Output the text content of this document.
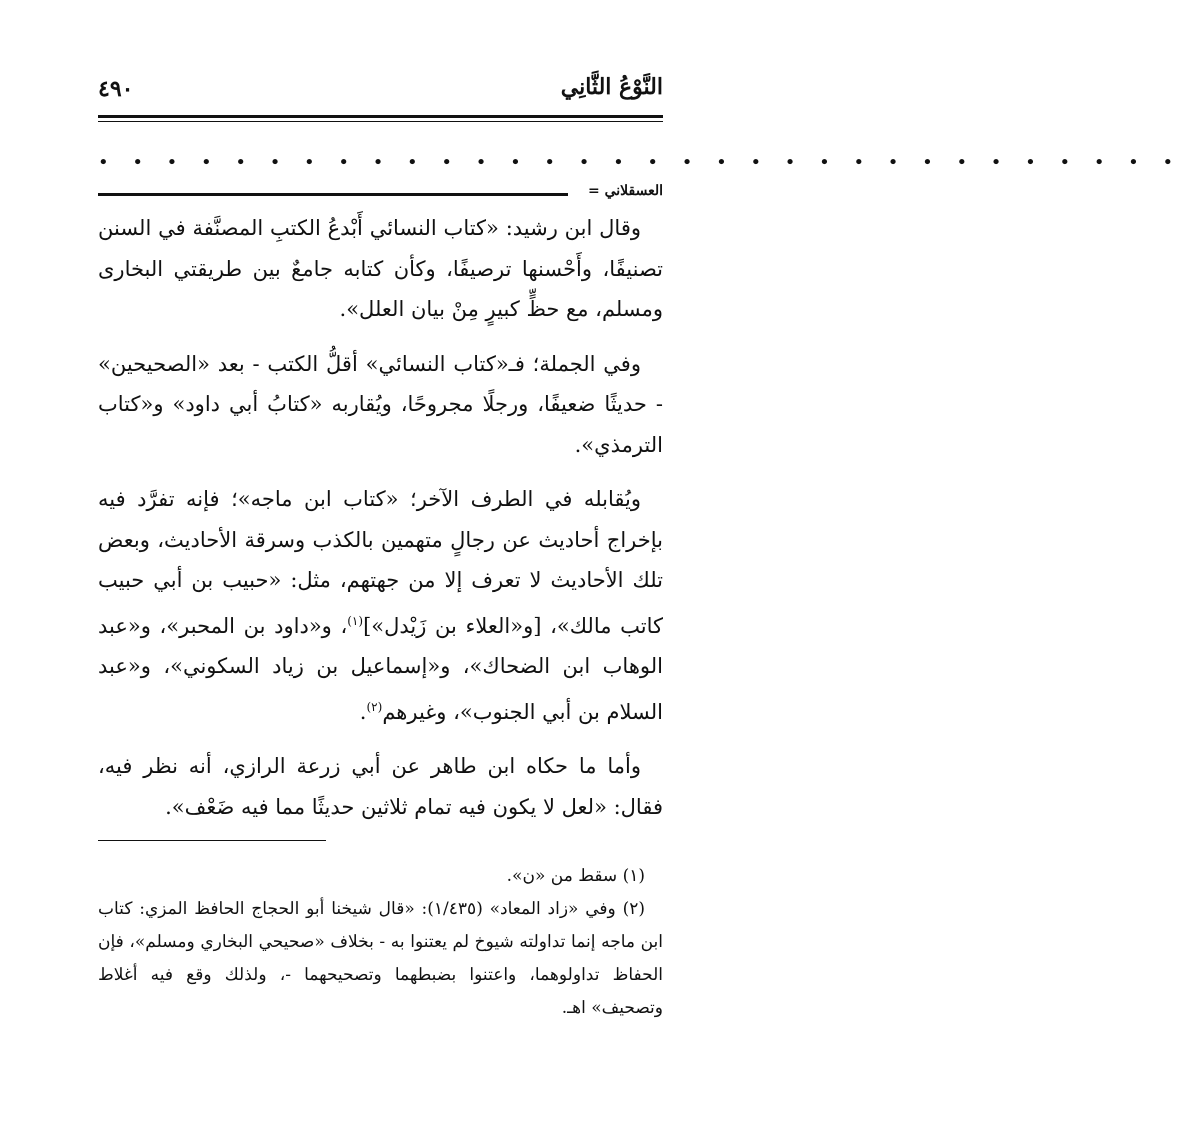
النَّوْعُ الثَّانِي
٤٩٠
• • • • • • • • • • • • • • • • • • • • • • • • • • • • • • • •
العسقلاني =

وقال ابن رشيد: «كتاب النسائي أَبْدعُ الكتبِ المصنَّفة في السنن تصنيفًا، وأَحْسنها ترصيفًا، وكأن كتابه جامعٌ بين طريقتي البخارى ومسلم، مع حظٍّ كبيرٍ مِنْ بيان العلل».

وفي الجملة؛ فـ«كتاب النسائي» أقلُّ الكتب - بعد «الصحيحين» - حديثًا ضعيفًا، ورجلًا مجروحًا، ويُقاربه «كتابُ أبي داود» و«كتاب الترمذي».

ويُقابله في الطرف الآخر؛ «كتاب ابن ماجه»؛ فإنه تفرَّد فيه بإخراج أحاديث عن رجالٍ متهمين بالكذب وسرقة الأحاديث، وبعض تلك الأحاديث لا تعرف إلا من جهتهم، مثل: «حبيب بن أبي حبيب كاتب مالك»، [و«العلاء بن زَيْدل»]$^{(١)}$، و«داود بن المحبر»، و«عبد الوهاب ابن الضحاك»، و«إسماعيل بن زياد السكوني»، و«عبد السلام بن أبي الجنوب»، وغيرهم$^{(٢)}$.

وأما ما حكاه ابن طاهر عن أبي زرعة الرازي، أنه نظر فيه، فقال: «لعل لا يكون فيه تمام ثلاثين حديثًا مما فيه ضَعْف».

(١) سقط من «ن».

(٢) وفي «زاد المعاد» (١/٤٣٥): «قال شيخنا أبو الحجاج الحافظ المزي: كتاب ابن ماجه إنما تداولته شيوخ لم يعتنوا به - بخلاف «صحيحي البخاري ومسلم»، فإن الحفاظ تداولوهما، واعتنوا بضبطهما وتصحيحهما -، ولذلك وقع فيه أغلاط وتصحيف» اهـ.
